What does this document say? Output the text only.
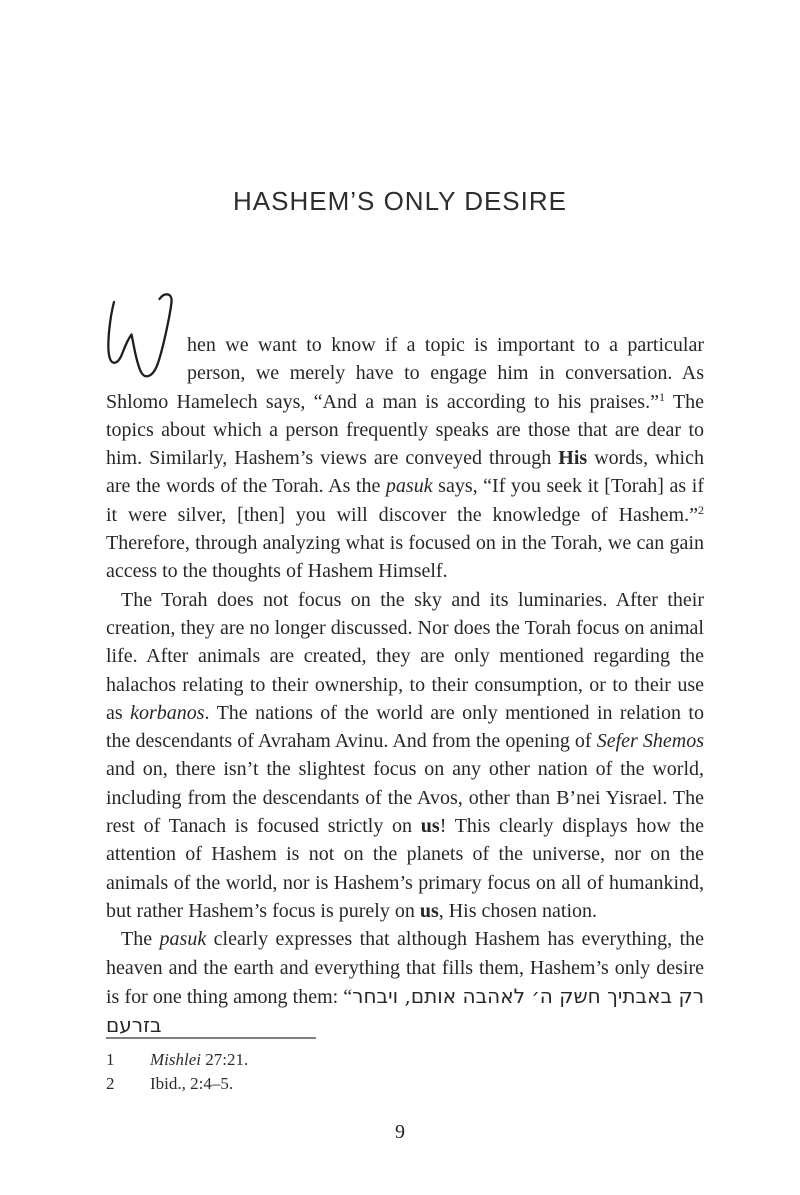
HASHEM’S ONLY DESIRE

hen we want to know if a topic is important to a particular person, we merely have to engage him in conversation. As Shlomo Hamelech says, “And a man is according to his praises.”$^1$ The topics about which a person frequently speaks are those that are dear to him. Similarly, Hashem’s views are conveyed through His words, which are the words of the Torah. As the pasuk says, “If you seek it [Torah] as if it were silver, [then] you will discover the knowledge of Hashem.”$^2$ Therefore, through analyzing what is focused on in the Torah, we can gain access to the thoughts of Hashem Himself.

The Torah does not focus on the sky and its luminaries. After their creation, they are no longer discussed. Nor does the Torah focus on animal life. After animals are created, they are only mentioned regarding the halachos relating to their ownership, to their consumption, or to their use as korbanos. The nations of the world are only mentioned in relation to the descendants of Avraham Avinu. And from the opening of Sefer Shemos and on, there isn’t the slightest focus on any other nation of the world, including from the descendants of the Avos, other than B’nei Yisrael. The rest of Tanach is focused strictly on us! This clearly displays how the attention of Hashem is not on the planets of the universe, nor on the animals of the world, nor is Hashem’s primary focus on all of humankind, but rather Hashem’s focus is purely on us, His chosen nation.

The pasuk clearly expresses that although Hashem has everything, the heaven and the earth and everything that fills them, Hashem’s only desire is for one thing among them: “רק באבתיך חשק ה׳ לאהבה אותם, ויבחר בזרעם

1	Mishlei 27:21.
2	Ibid., 2:4–5.
9
